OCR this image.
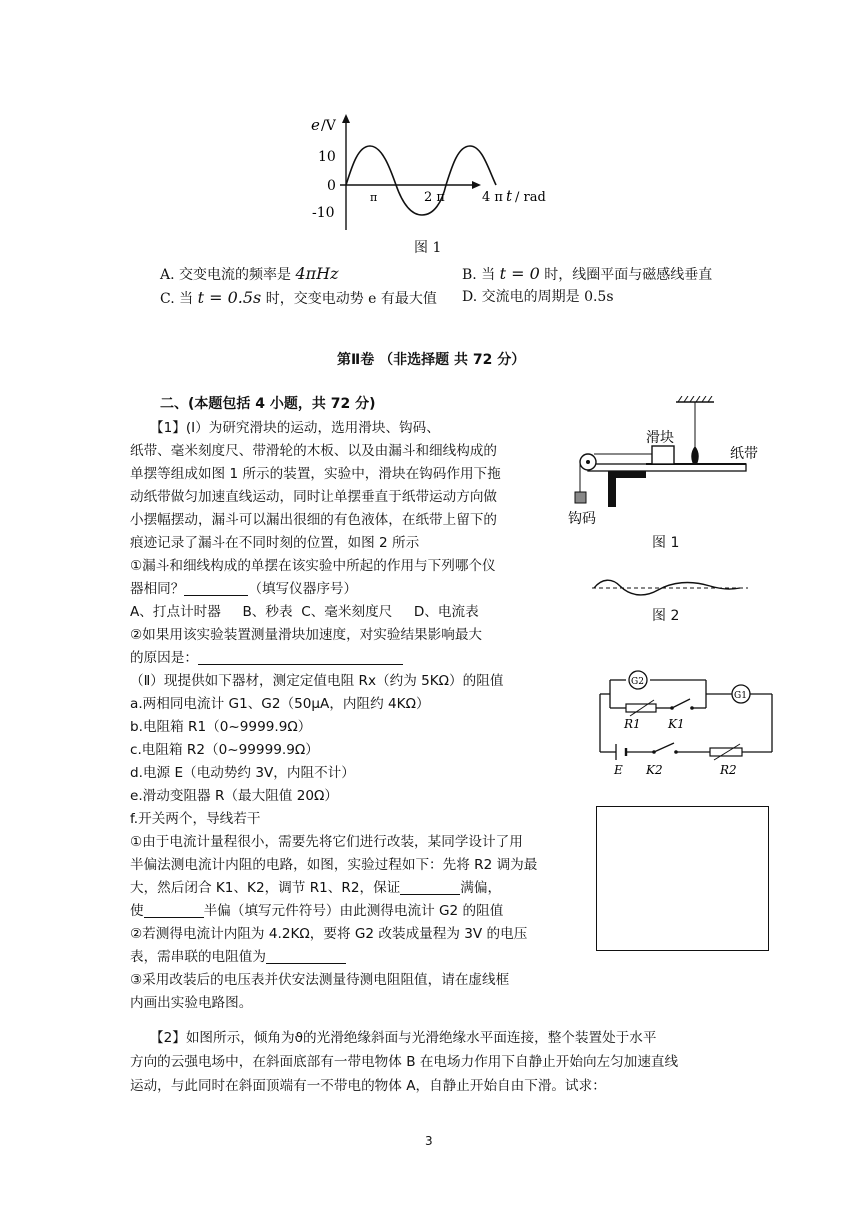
e /V
10
0
-10
π	2 π	4 π t / rad
图 1
A. 交变电流的频率是 4πHz	B. 当 t = 0 时，线圈平面与磁感线垂直
C. 当 t = 0.5s 时，交变电动势 e 有最大值 D. 交流电的周期是 0.5s
第Ⅱ卷 （非选择题 共 72 分）
二、(本题包括 4 小题，共 72 分)
【1】(Ⅰ）为研究滑块的运动，选用滑块、钩码、
纸带、毫米刻度尺、带滑轮的木板、以及由漏斗和细线构成的
单摆等组成如图 1 所示的装置，实验中，滑块在钩码作用下拖
动纸带做匀加速直线运动，同时让单摆垂直于纸带运动方向做
小摆幅摆动，漏斗可以漏出很细的有色液体，在纸带上留下的
痕迹记录了漏斗在不同时刻的位置，如图 2 所示
①漏斗和细线构成的单摆在该实验中所起的作用与下列哪个仪
器相同？	（填写仪器序号）
A、打点计时器     B、秒表  C、毫米刻度尺     D、电流表
②如果用该实验装置测量滑块加速度，对实验结果影响最大
的原因是：
（Ⅱ）现提供如下器材，测定定值电阻 Rx（约为 5KΩ）的阻值
a.两相同电流计 G1、G2（50μA，内阻约 4KΩ）
b.电阻箱 R1（0~9999.9Ω）
c.电阻箱 R2（0~99999.9Ω）
d.电源 E（电动势约 3V，内阻不计）
e.滑动变阻器 R（最大阻值 20Ω）
f.开关两个，导线若干
①由于电流计量程很小，需要先将它们进行改装，某同学设计了用
半偏法测电流计内阻的电路，如图，实验过程如下：先将 R2 调为最
大，然后闭合 K1、K2，调节 R1、R2，保证	满偏，
使	半偏（填写元件符号）由此测得电流计 G2 的阻值
②若测得电流计内阻为 4.2KΩ，要将 G2 改装成量程为 3V 的电压
表，需串联的电阻值为
③采用改装后的电压表并伏安法测量待测电阻阻值，请在虚线框
内画出实验电路图。
滑块
纸带
钩码
图 1
图 2
G2
G1
R1 K1
E K2	R2
【2】如图所示，倾角为ϑ的光滑绝缘斜面与光滑绝缘水平面连接，整个装置处于水平
方向的云强电场中，在斜面底部有一带电物体 B 在电场力作用下自静止开始向左匀加速直线
运动，与此同时在斜面顶端有一不带电的物体 A，自静止开始自由下滑。试求：
3
